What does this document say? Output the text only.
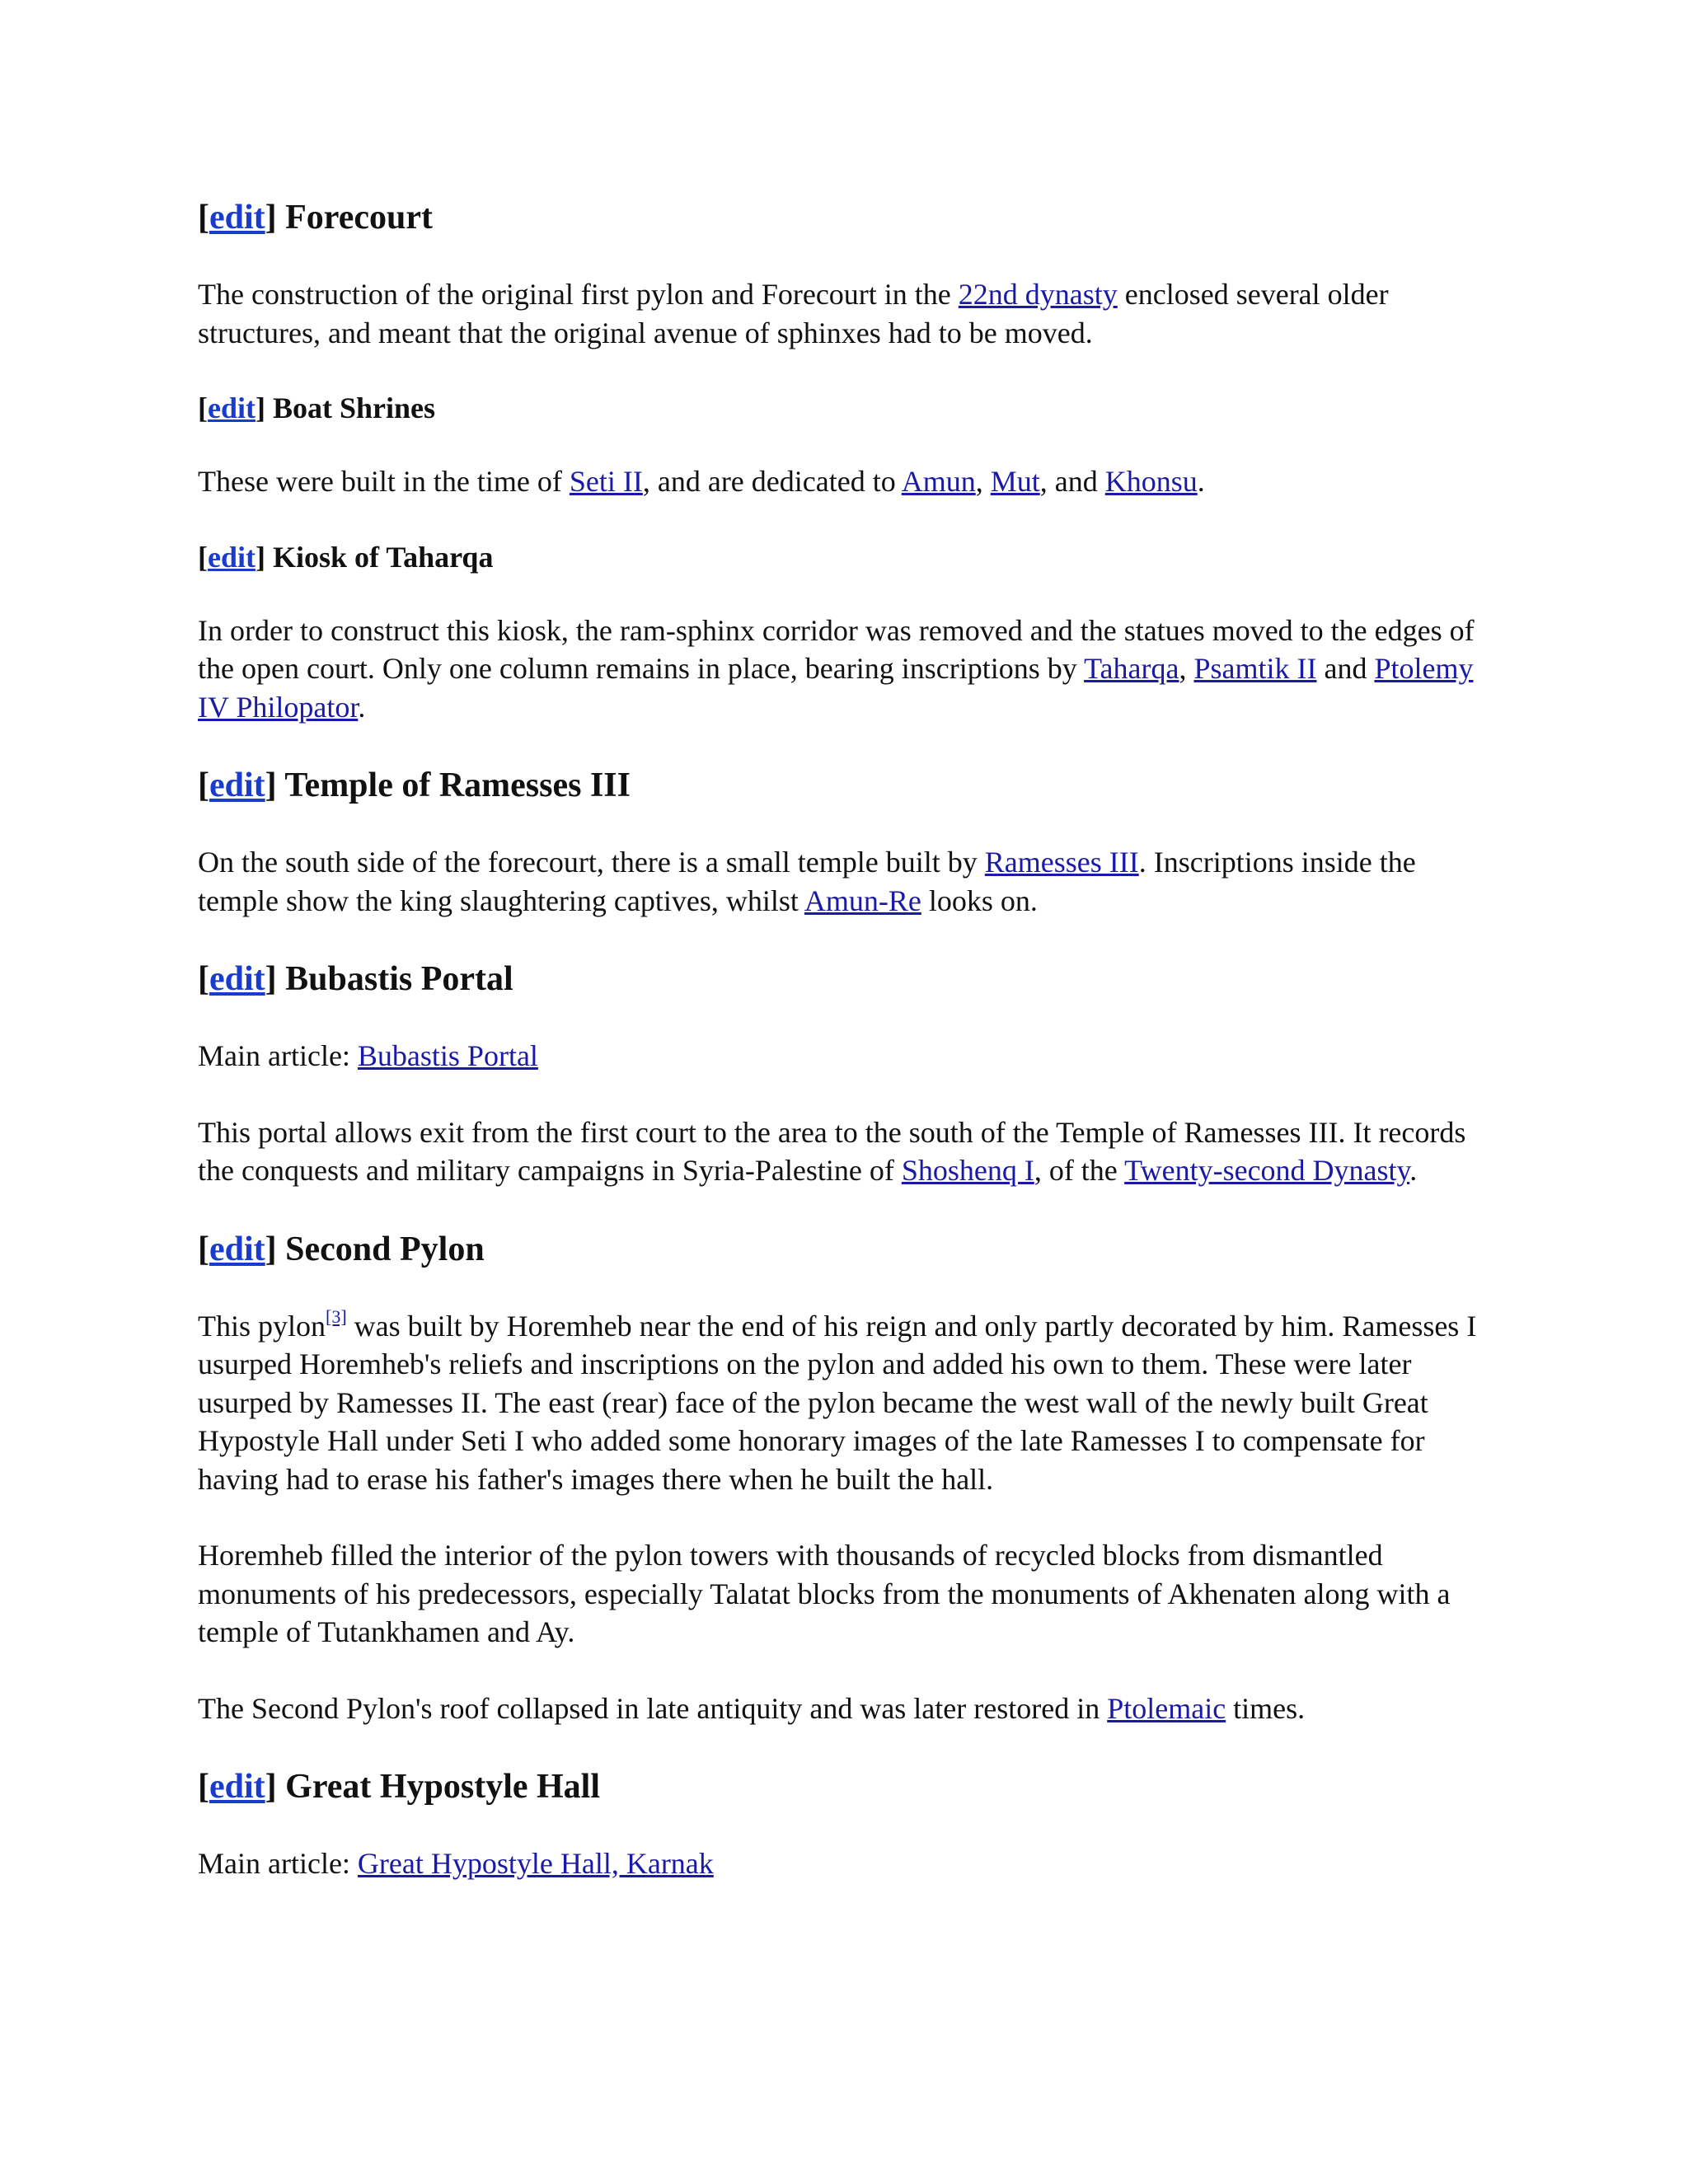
[edit] Forecourt

The construction of the original first pylon and Forecourt in the 22nd dynasty enclosed several older structures, and meant that the original avenue of sphinxes had to be moved.

[edit] Boat Shrines

These were built in the time of Seti II, and are dedicated to Amun, Mut, and Khonsu.

[edit] Kiosk of Taharqa

In order to construct this kiosk, the ram-sphinx corridor was removed and the statues moved to the edges of the open court. Only one column remains in place, bearing inscriptions by Taharqa, Psamtik II and Ptolemy IV Philopator.

[edit] Temple of Ramesses III

On the south side of the forecourt, there is a small temple built by Ramesses III. Inscriptions inside the temple show the king slaughtering captives, whilst Amun-Re looks on.

[edit] Bubastis Portal

Main article: Bubastis Portal

This portal allows exit from the first court to the area to the south of the Temple of Ramesses III. It records the conquests and military campaigns in Syria-Palestine of Shoshenq I, of the Twenty-second Dynasty.

[edit] Second Pylon

This pylon[3] was built by Horemheb near the end of his reign and only partly decorated by him. Ramesses I usurped Horemheb's reliefs and inscriptions on the pylon and added his own to them. These were later usurped by Ramesses II. The east (rear) face of the pylon became the west wall of the newly built Great Hypostyle Hall under Seti I who added some honorary images of the late Ramesses I to compensate for having had to erase his father's images there when he built the hall.

Horemheb filled the interior of the pylon towers with thousands of recycled blocks from dismantled monuments of his predecessors, especially Talatat blocks from the monuments of Akhenaten along with a temple of Tutankhamen and Ay.

The Second Pylon's roof collapsed in late antiquity and was later restored in Ptolemaic times.

[edit] Great Hypostyle Hall

Main article: Great Hypostyle Hall, Karnak
